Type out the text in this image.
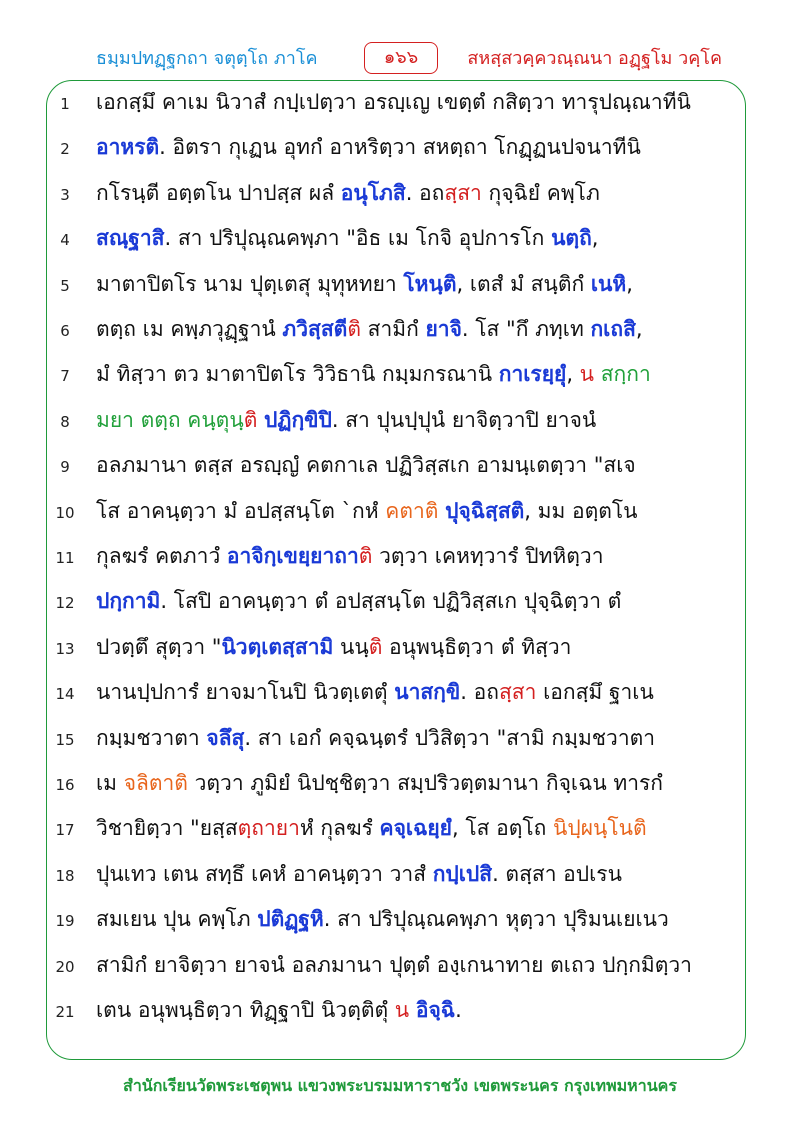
ธมฺมปทฏฺฐกถา จตุตฺโถ ภาโค	๑๖๖	สหสฺสวคฺควณฺณนา อฏฺฐโม วคฺโค
1	เอกสฺมึ คาเม นิวาสํ กปฺเปตฺวา อรญฺเญ เขตฺตํ กสิตฺวา ทารุปณฺณาทีนิ
2	อาหรติ. อิตรา กุเฏน อุทกํ อาหริตฺวา สหตฺถา โกฏฺฏนปจนาทีนิ
3	กโรนฺตี อตฺตโน ปาปสฺส ผลํ อนุโภสิ. อถสฺสา กุจฺฉิยํ คพฺโภ
4	สณฺฐาสิ. สา ปริปุณฺณคพฺภา "อิธ เม โกจิ อุปการโก นตฺถิ,
5	มาตาปิตโร นาม ปุตฺเตสุ มุทุหทยา โหนฺติ, เตสํ มํ สนฺติกํ เนหิ,
6	ตตฺถ เม คพฺภวุฏฺฐานํ ภวิสฺสตีติ สามิกํ ยาจิ. โส "กึ ภทฺเท กเถสิ,
7	มํ ทิสฺวา ตว มาตาปิตโร วิวิธานิ กมฺมกรณานิ กาเรยฺยุํ, น สกฺกา
8	มยา ตตฺถ คนฺตุนฺติ ปฏิกฺขิปิ. สา ปุนปฺปุนํ ยาจิตฺวาปิ ยาจนํ
9	อลภมานา ตสฺส อรญฺญํ คตกาเล ปฏิวิสฺสเก อามนฺเตตฺวา "สเจ
10	โส อาคนฺตฺวา มํ อปสฺสนฺโต `กหํ คตาติ ปุจฺฉิสฺสติ, มม อตฺตโน
11	กุลฆรํ คตภาวํ อาจิกฺเขยฺยาถาติ วตฺวา เคหทฺวารํ ปิทหิตฺวา
12	ปกฺกามิ. โสปิ อาคนฺตฺวา ตํ อปสฺสนฺโต ปฏิวิสฺสเก ปุจฺฉิตฺวา ตํ
13	ปวตฺตึ สุตฺวา "นิวตฺเตสฺสามิ นนฺติ อนุพนฺธิตฺวา ตํ ทิสฺวา
14	นานปฺปการํ ยาจมาโนปิ นิวตฺเตตุํ นาสกฺขิ. อถสฺสา เอกสฺมึ ฐาเน
15	กมฺมชวาตา จลึสุ. สา เอกํ คจฺฉนฺตรํ ปวิสิตฺวา "สามิ กมฺมชวาตา
16	เม จลิตาติ วตฺวา ภูมิยํ นิปชฺชิตฺวา สมฺปริวตฺตมานา กิจฺเฉน ทารกํ
17	วิชายิตฺวา "ยสฺสตฺถายาหํ กุลฆรํ คจฺเฉยฺยํ, โส อตฺโถ นิปฺผนฺโนติ
18	ปุนเทว เตน สทฺธึ เคหํ อาคนฺตฺวา วาสํ กปฺเปสิ. ตสฺสา อปเรน
19	สมเยน ปุน คพฺโภ ปติฏฺฐหิ. สา ปริปุณฺณคพฺภา หุตฺวา ปุริมนเยเนว
20	สามิกํ ยาจิตฺวา ยาจนํ อลภมานา ปุตฺตํ องฺเกนาทาย ตเถว ปกฺกมิตฺวา
21	เตน อนุพนฺธิตฺวา ทิฏฺฐาปิ นิวตฺติตุํ น อิจฺฉิ.
สำนักเรียนวัดพระเชตุพน แขวงพระบรมมหาราชวัง เขตพระนคร กรุงเทพมหานคร
